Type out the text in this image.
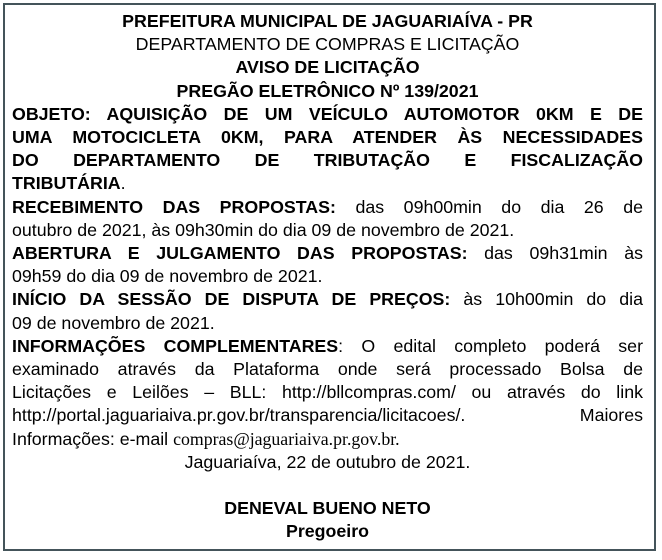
PREFEITURA MUNICIPAL DE JAGUARIAÍVA - PR
DEPARTAMENTO DE COMPRAS E LICITAÇÃO
AVISO DE LICITAÇÃO
PREGÃO ELETRÔNICO Nº 139/2021
OBJETO: AQUISIÇÃO DE UM VEÍCULO AUTOMOTOR 0KM E DE
UMA MOTOCICLETA 0KM, PARA ATENDER ÀS NECESSIDADES
DO DEPARTAMENTO DE TRIBUTAÇÃO E FISCALIZAÇÃO
TRIBUTÁRIA.
RECEBIMENTO DAS PROPOSTAS: das 09h00min do dia 26 de
outubro de 2021, às 09h30min do dia 09 de novembro de 2021.
ABERTURA E JULGAMENTO DAS PROPOSTAS: das 09h31min às
09h59 do dia 09 de novembro de 2021.
INÍCIO DA SESSÃO DE DISPUTA DE PREÇOS: às 10h00min do dia
09 de novembro de 2021.
INFORMAÇÕES COMPLEMENTARES: O edital completo poderá ser
examinado através da Plataforma onde será processado Bolsa de
Licitações e Leilões – BLL: http://bllcompras.com/ ou através do link
http://portal.jaguariaiva.pr.gov.br/transparencia/licitacoes/. Maiores
Informações: e-mail compras@jaguariaiva.pr.gov.br.
Jaguariaíva, 22 de outubro de 2021.
DENEVAL BUENO NETO
Pregoeiro
